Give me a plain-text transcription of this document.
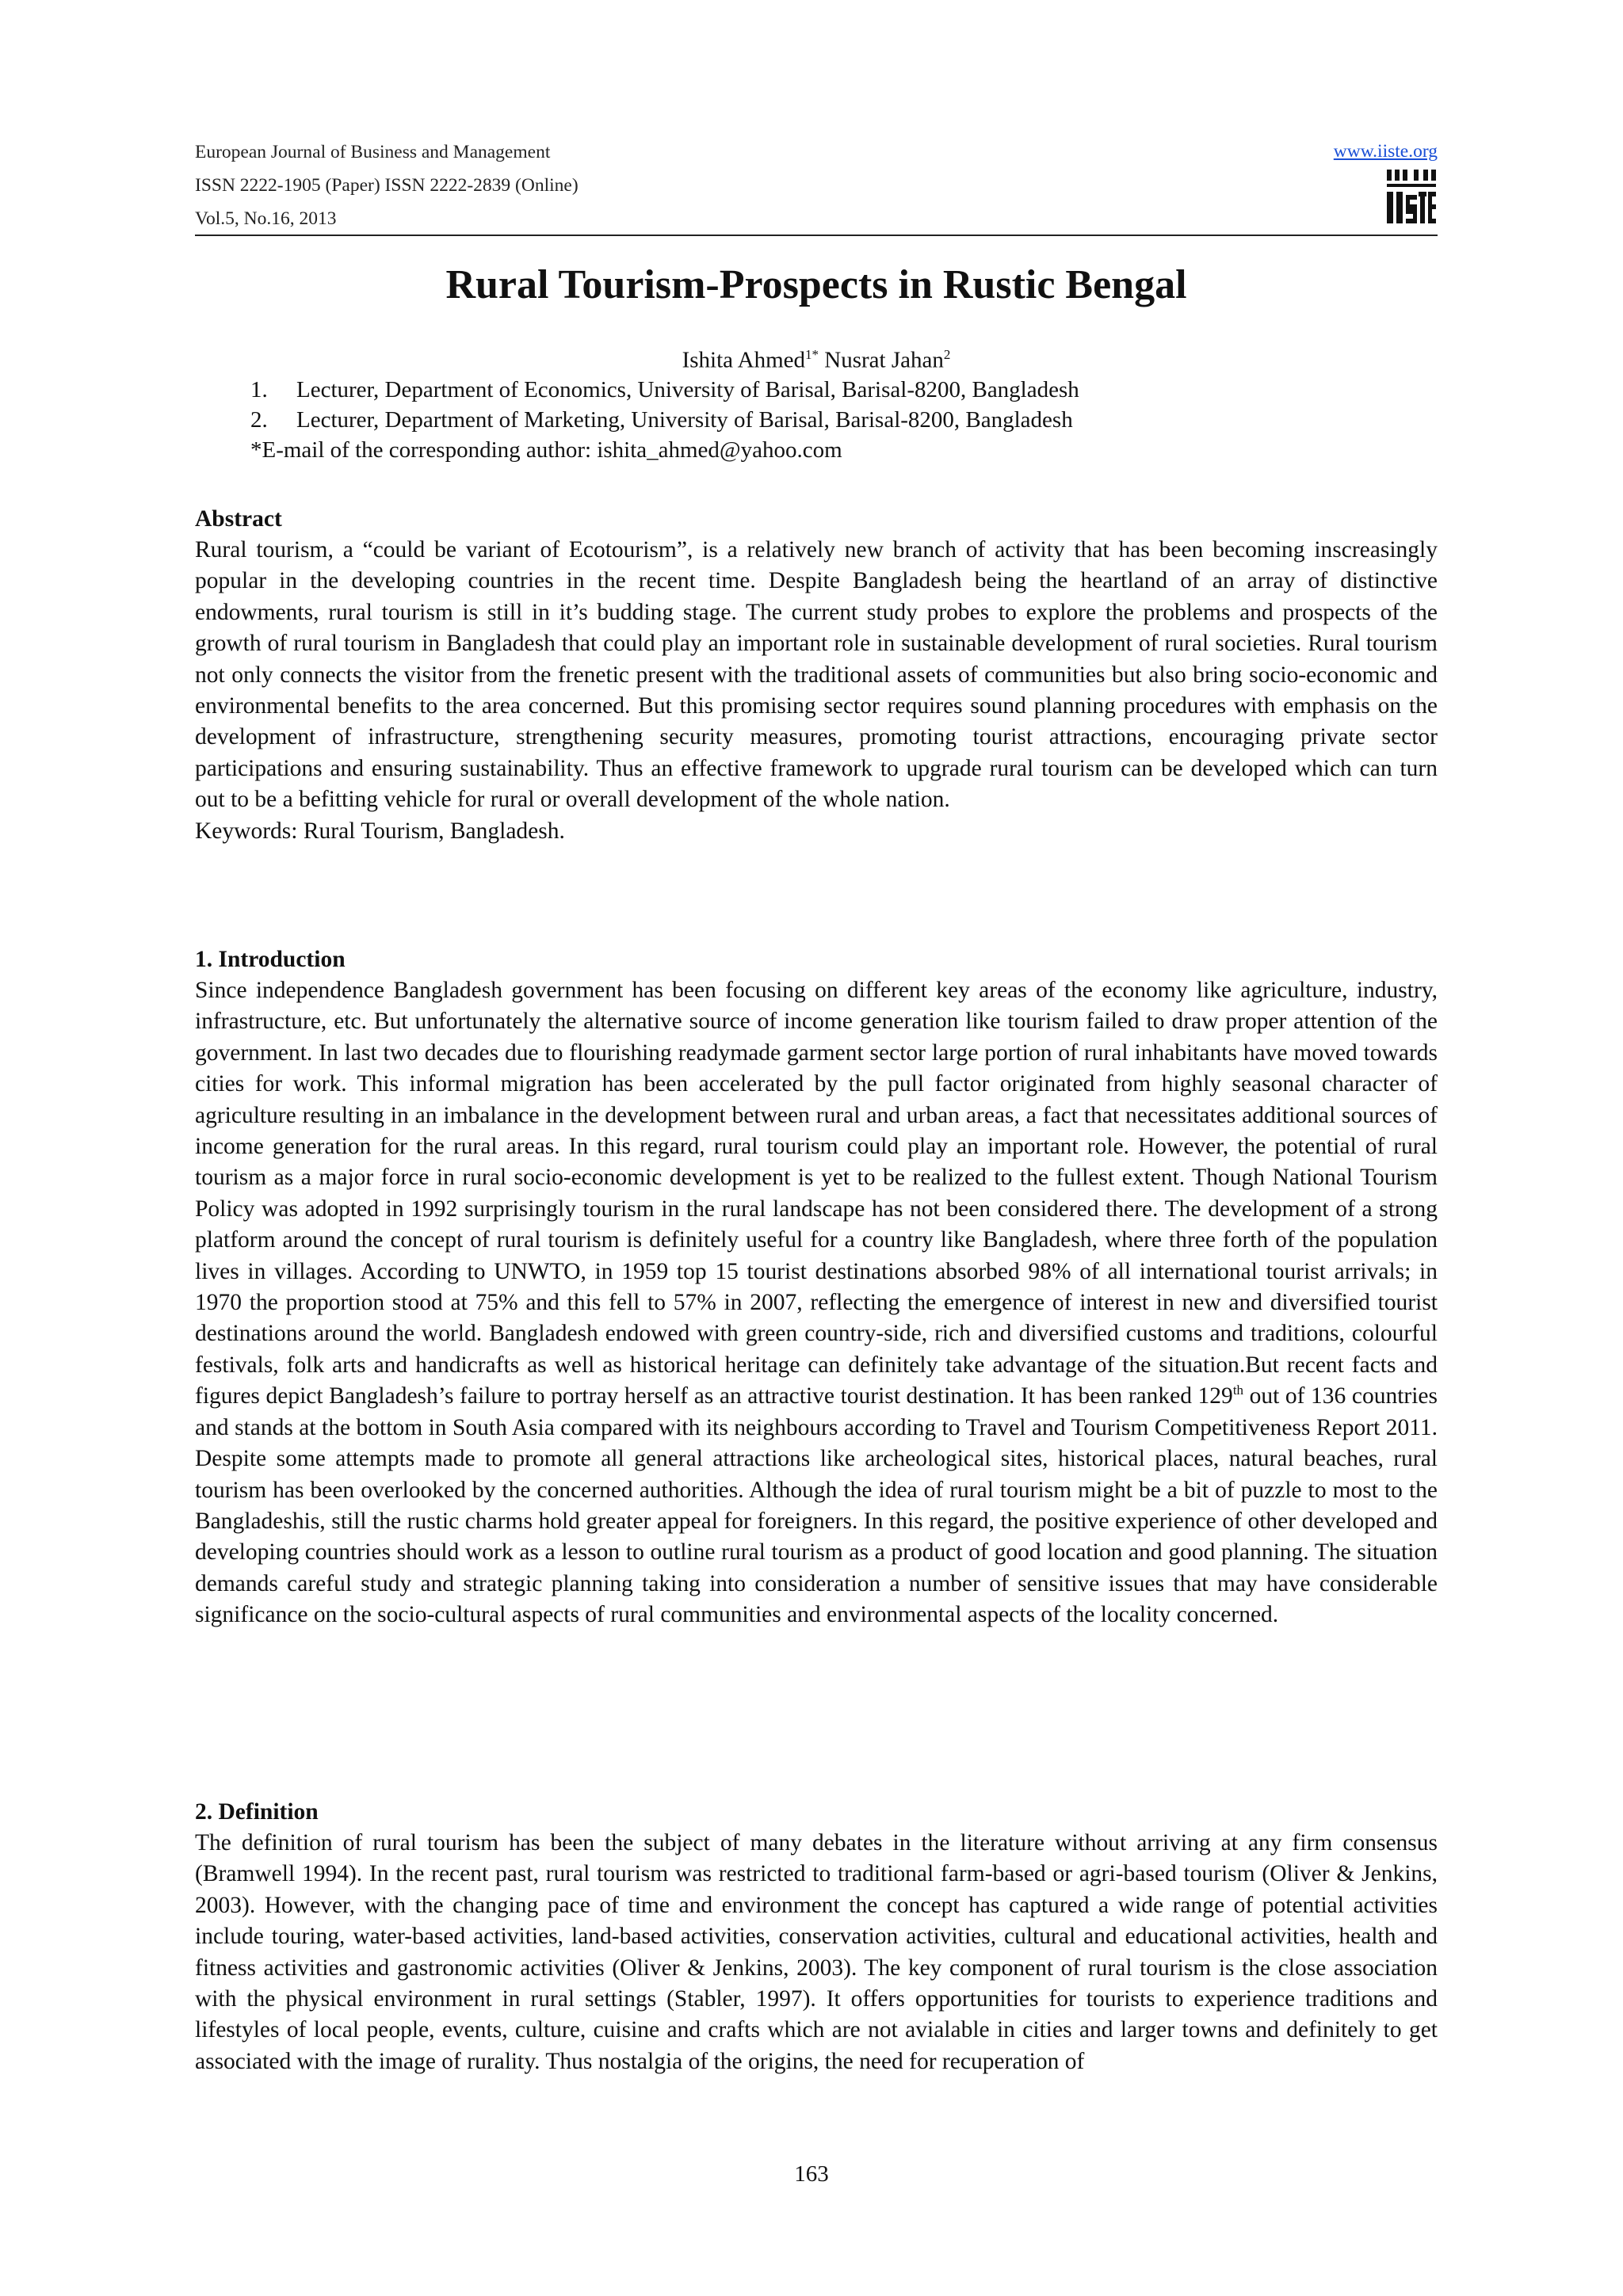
European Journal of Business and Management
ISSN 2222-1905 (Paper) ISSN 2222-2839 (Online)
Vol.5, No.16, 2013
www.iiste.org
Rural Tourism-Prospects in Rustic Bengal
Ishita Ahmed$^{1*}$ Nusrat Jahan$^2$
1. Lecturer, Department of Economics, University of Barisal, Barisal-8200, Bangladesh
2. Lecturer, Department of Marketing, University of Barisal, Barisal-8200, Bangladesh
*E-mail of the corresponding author: ishita_ahmed@yahoo.com
Abstract

Rural tourism, a “could be variant of Ecotourism”, is a relatively new branch of activity that has been becoming inscreasingly popular in the developing countries in the recent time. Despite Bangladesh being the heartland of an array of distinctive endowments, rural tourism is still in it’s budding stage. The current study probes to explore the problems and prospects of the growth of rural tourism in Bangladesh that could play an important role in sustainable development of rural societies. Rural tourism not only connects the visitor from the frenetic present with the traditional assets of communities but also bring socio-economic and environmental benefits to the area concerned. But this promising sector requires sound planning procedures with emphasis on the development of infrastructure, strengthening security measures, promoting tourist attractions, encouraging private sector participations and ensuring sustainability. Thus an effective framework to upgrade rural tourism can be developed which can turn out to be a befitting vehicle for rural or overall development of the whole nation.

Keywords: Rural Tourism, Bangladesh.

1. Introduction

Since independence Bangladesh government has been focusing on different key areas of the economy like agriculture, industry, infrastructure, etc. But unfortunately the alternative source of income generation like tourism failed to draw proper attention of the government. In last two decades due to flourishing readymade garment sector large portion of rural inhabitants have moved towards cities for work. This informal migration has been accelerated by the pull factor originated from highly seasonal character of agriculture resulting in an imbalance in the development between rural and urban areas, a fact that necessitates additional sources of income generation for the rural areas. In this regard, rural tourism could play an important role. However, the potential of rural tourism as a major force in rural socio-economic development is yet to be realized to the fullest extent. Though National Tourism Policy was adopted in 1992 surprisingly tourism in the rural landscape has not been considered there. The development of a strong platform around the concept of rural tourism is definitely useful for a country like Bangladesh, where three forth of the population lives in villages. According to UNWTO, in 1959 top 15 tourist destinations absorbed 98% of all international tourist arrivals; in 1970 the proportion stood at 75% and this fell to 57% in 2007, reflecting the emergence of interest in new and diversified tourist destinations around the world. Bangladesh endowed with green country-side, rich and diversified customs and traditions, colourful festivals, folk arts and handicrafts as well as historical heritage can definitely take advantage of the situation.But recent facts and figures depict Bangladesh’s failure to portray herself as an attractive tourist destination. It has been ranked 129th out of 136 countries and stands at the bottom in South Asia compared with its neighbours according to Travel and Tourism Competitiveness Report 2011. Despite some attempts made to promote all general attractions like archeological sites, historical places, natural beaches, rural tourism has been overlooked by the concerned authorities. Although the idea of rural tourism might be a bit of puzzle to most to the Bangladeshis, still the rustic charms hold greater appeal for foreigners. In this regard, the positive experience of other developed and developing countries should work as a lesson to outline rural tourism as a product of good location and good planning. The situation demands careful study and strategic planning taking into consideration a number of sensitive issues that may have considerable significance on the socio-cultural aspects of rural communities and environmental aspects of the locality concerned.

2. Definition

The definition of rural tourism has been the subject of many debates in the literature without arriving at any firm consensus (Bramwell 1994). In the recent past, rural tourism was restricted to traditional farm-based or agri-based tourism (Oliver & Jenkins, 2003). However, with the changing pace of time and environment the concept has captured a wide range of potential activities include touring, water-based activities, land-based activities, conservation activities, cultural and educational activities, health and fitness activities and gastronomic activities (Oliver & Jenkins, 2003). The key component of rural tourism is the close association with the physical environment in rural settings (Stabler, 1997). It offers opportunities for tourists to experience traditions and lifestyles of local people, events, culture, cuisine and crafts which are not avialable in cities and larger towns and definitely to get associated with the image of rurality. Thus nostalgia of the origins, the need for recuperation of

163
